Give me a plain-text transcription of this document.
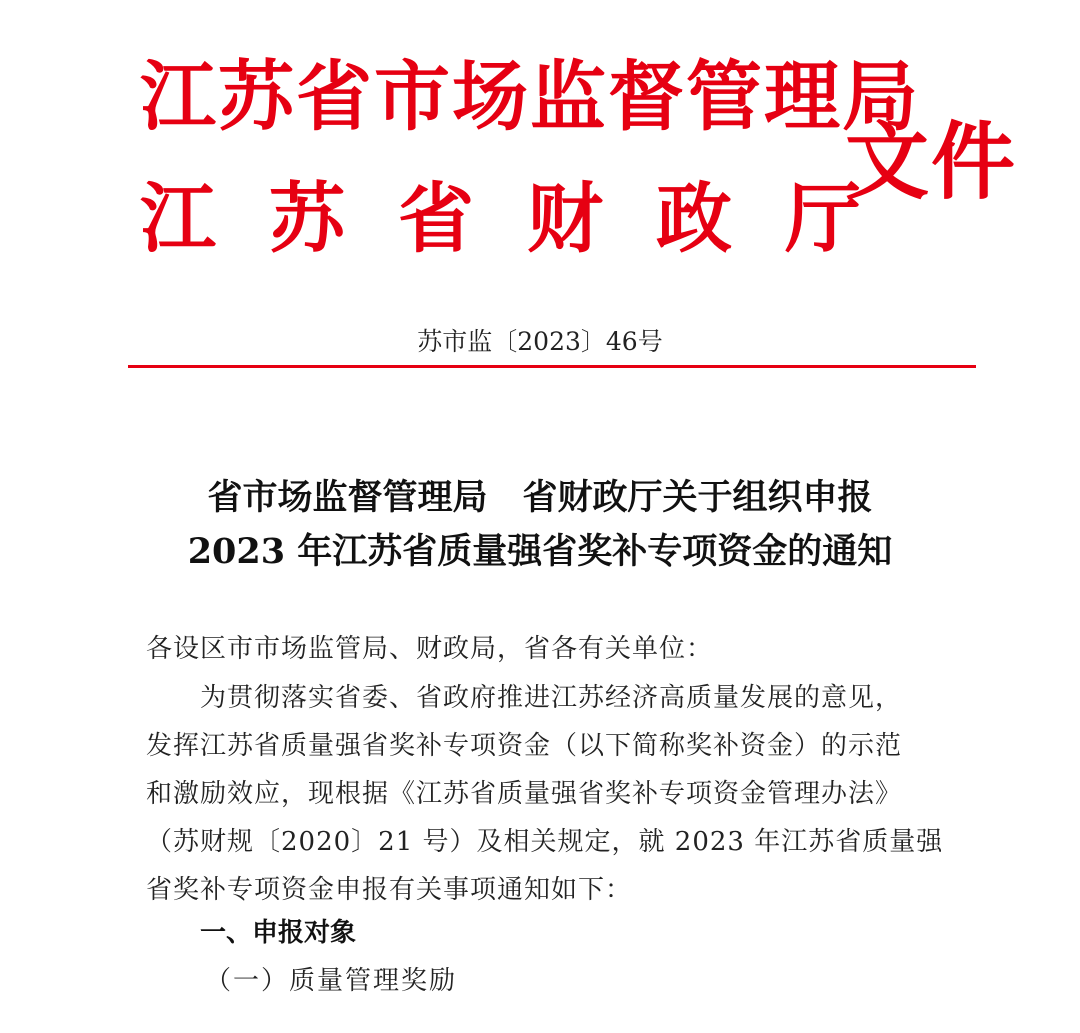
江苏省市场监督管理局
江苏省财政厅
文件
苏市监〔2023〕46号
省市场监督管理局　省财政厅关于组织申报
2023 年江苏省质量强省奖补专项资金的通知
各设区市市场监管局、财政局，省各有关单位：
为贯彻落实省委、省政府推进江苏经济高质量发展的意见，
发挥江苏省质量强省奖补专项资金（以下简称奖补资金）的示范
和激励效应，现根据《江苏省质量强省奖补专项资金管理办法》
（苏财规〔2020〕21 号）及相关规定，就 2023 年江苏省质量强
省奖补专项资金申报有关事项通知如下：
一、申报对象
（一）质量管理奖励
